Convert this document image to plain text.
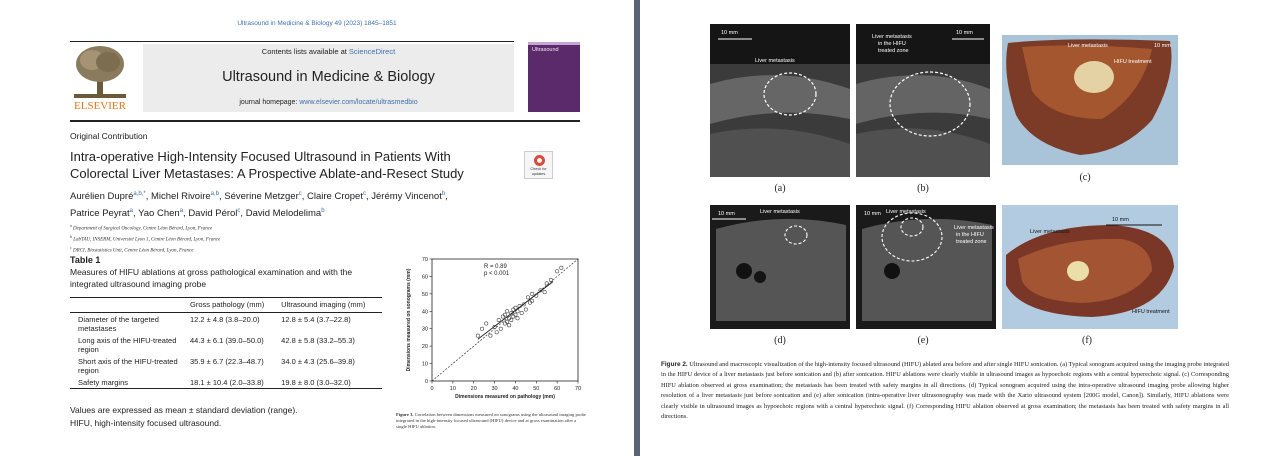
Ultrasound in Medicine & Biology 49 (2023) 1845–1851
ELSEVIER
Contents lists available at ScienceDirect
Ultrasound in Medicine & Biology
journal homepage: www.elsevier.com/locate/ultrasmedbio
Ultrasound
Original Contribution
Intra-operative High-Intensity Focused Ultrasound in Patients With Colorectal Liver Metastases: A Prospective Ablate-and-Resect Study	Check for updates
Aurélien Dupré$^{a,b,*}$, Michel Rivoire$^{a,b}$, Séverine Metzger$^c$, Claire Cropet$^c$, Jérémy Vincenot$^b$,
Patrice Peyrat$^a$, Yao Chen$^a$, David Pérol$^c$, David Melodelima$^b$
$^a$ Department of Surgical Oncology, Centre Léon Bérard, Lyon, France
$^b$ LabTAU, INSERM, Université Lyon 1, Centre Léon Bérard, Lyon, France
$^c$ DRCI, Biostatistics Unit, Centre Léon Bérard, Lyon, France
Table 1
Measures of HIFU ablations at gross pathological examination and with the integrated ultrasound imaging probe
	Gross pathology (mm)	Ultrasound imaging (mm)
Diameter of the targeted metastases	12.2 ± 4.8 (3.8–20.0)	12.8 ± 5.4 (3.7–22.8)
Long axis of the HIFU-treated region	44.3 ± 6.1 (39.0–50.0)	42.8 ± 5.8 (33.2–55.3)
Short axis of the HIFU-treated region	35.9 ± 6.7 (22.3–48.7)	34.0 ± 4.3 (25.6–39.8)
Safety margins	18.1 ± 10.4 (2.0–33.8)	19.8 ± 8.0 (3.0–32.0)
Values are expressed as mean ± standard deviation (range).
HIFU, high-intensity focused ultrasound.
0	10	20	30	40	50	60	70
0
10
20
30
40
50
60
70
R = 0.89
p < 0.001
Dimensions measured on pathology (mm)
Dimensions measured on sonograms (mm)
Figure 3. Correlation between dimensions measured on sonograms using the ultrasound imaging probe integrated in the high-intensity focused ultrasound (HIFU) device and at gross examination after a single HIFU ablation.
Liver metastasis
10 mm
(a)
Liver metastasis
in the HIFU
treated zone
10 mm
(b)
Liver metastasis
HIFU treatment
10 mm
(c)
Liver metastasis
10 mm
(d)
Liver metastasis
Liver metastasis
in the HIFU
treated zone
10 mm
(e)
Liver metastasis
HIFU treatment
10 mm
(f)
Figure 2. Ultrasound and macroscopic visualization of the high-intensity focused ultrasound (HIFU) ablated area before and after single HIFU sonication. (a) Typical sonogram acquired using the imaging probe integrated in the HIFU device of a liver metastasis just before sonication and (b) after sonication. HIFU ablations were clearly visible in ultrasound images as hypoechoic regions with a central hyperechoic signal. (c) Corresponding HIFU ablation observed at gross examination; the metastasis has been treated with safety margins in all directions. (d) Typical sonogram acquired using the intra-operative ultrasound imaging probe allowing higher resolution of a liver metastasis just before sonication and (e) after sonication (intra-operative liver ultrasonography was made with the Xario ultrasound system [200G model, Canon]). Similarly, HIFU ablations were clearly visible in ultrasound images as hypoechoic regions with a central hyperechoic signal. (f) Corresponding HIFU ablation observed at gross examination; the metastasis has been treated with safety margins in all directions.
